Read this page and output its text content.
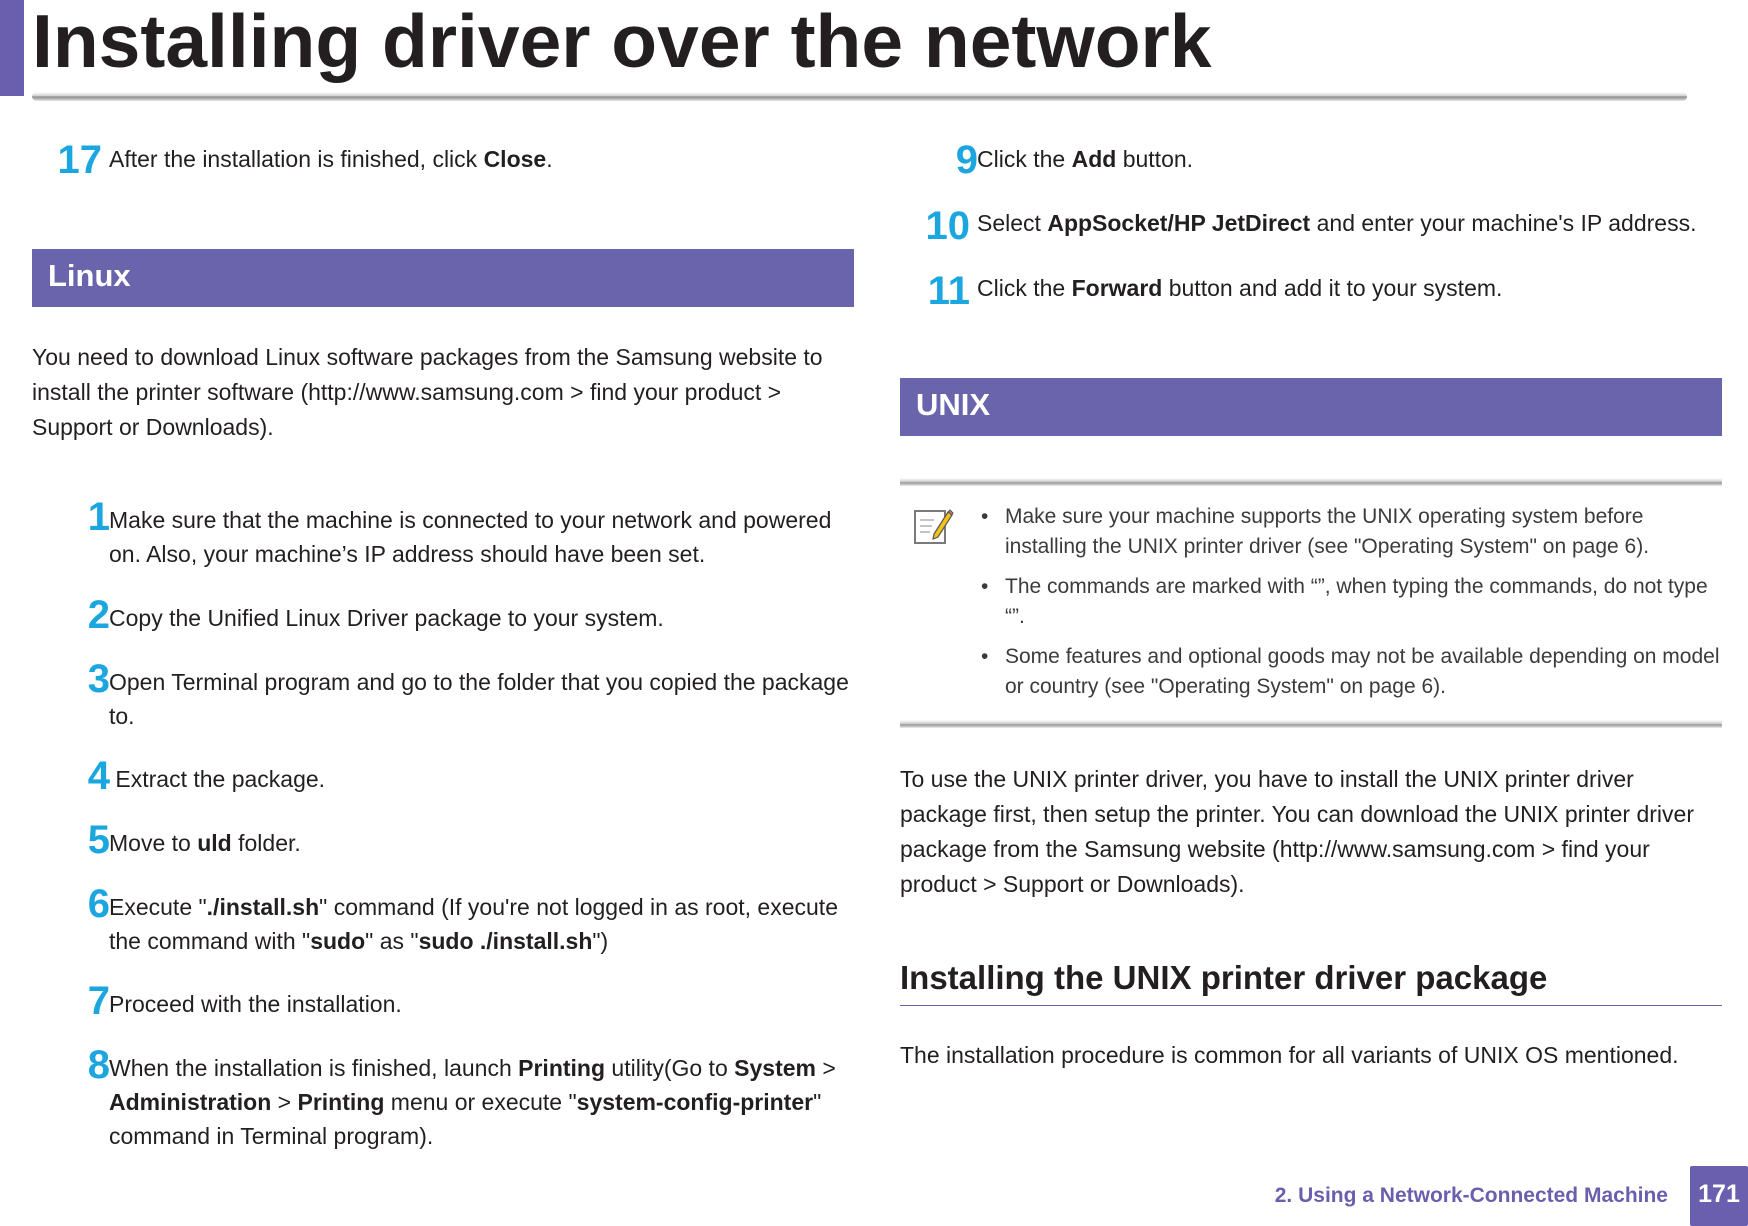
Installing driver over the network
17 After the installation is finished, click Close.
Linux

You need to download Linux software packages from the Samsung website to install the printer software (http://www.samsung.com > find your product > Support or Downloads).

1 Make sure that the machine is connected to your network and powered on. Also, your machine’s IP address should have been set.
2 Copy the Unified Linux Driver package to your system.
3 Open Terminal program and go to the folder that you copied the package to.
4 Extract the package.
5 Move to uld folder.
6 Execute "./install.sh" command (If you're not logged in as root, execute the command with "sudo" as "sudo ./install.sh")
7 Proceed with the installation.
8 When the installation is finished, launch Printing utility(Go to System > Administration > Printing menu or execute "system-config-printer" command in Terminal program).
9 Click the Add button.
10 Select AppSocket/HP JetDirect and enter your machine's IP address.
11 Click the Forward button and add it to your system.
UNIX
• Make sure your machine supports the UNIX operating system before installing the UNIX printer driver (see "Operating System" on page 6).
• The commands are marked with “”, when typing the commands, do not type “”.
• Some features and optional goods may not be available depending on model or country (see "Operating System" on page 6).

To use the UNIX printer driver, you have to install the UNIX printer driver package first, then setup the printer. You can download the UNIX printer driver package from the Samsung website (http://www.samsung.com > find your product > Support or Downloads).

Installing the UNIX printer driver package

The installation procedure is common for all variants of UNIX OS mentioned.

2. Using a Network-Connected Machine	171
